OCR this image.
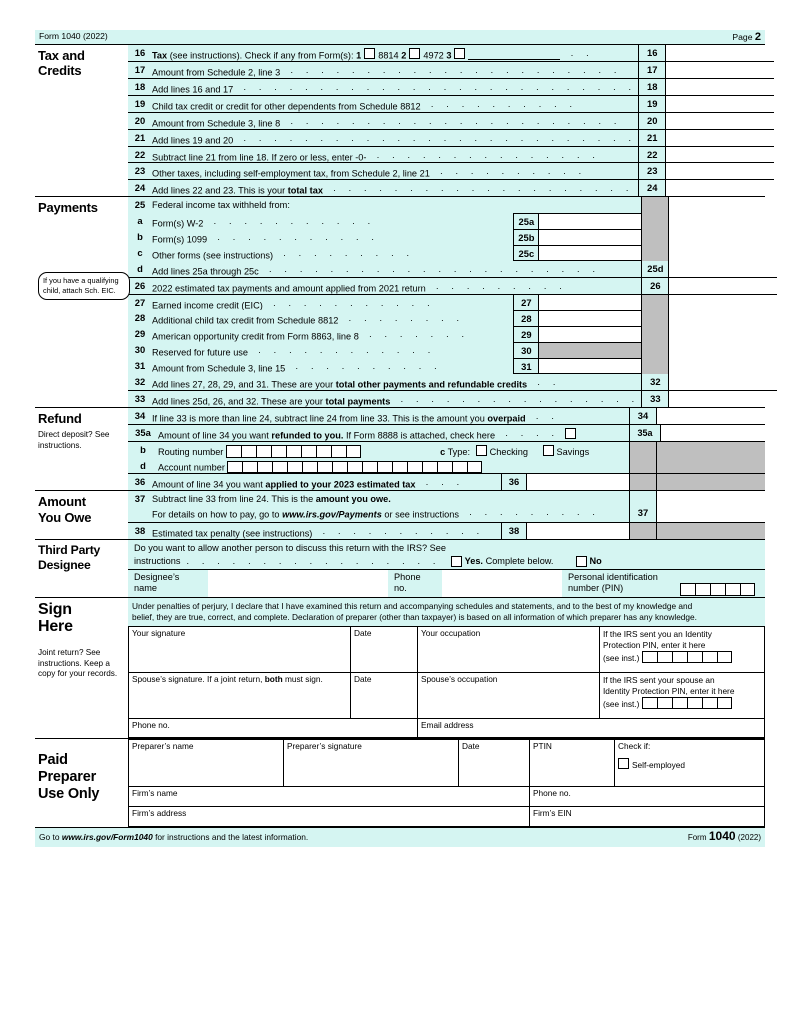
Form 1040 (2022)	Page 2
Tax and
Credits
16 Tax (see instructions). Check if any from Form(s): 1 8814 2 4972 3	. .	16
17 Amount from Schedule 2, line 3  . . . . . . . . . . . . . . . . . . . . . .	17
18 Add lines 16 and 17  . . . . . . . . . . . . . . . . . . . . . . . . . .	18
19 Child tax credit or credit for other dependents from Schedule 8812  . . . . . . . . . .	19
20 Amount from Schedule 3, line 8  . . . . . . . . . . . . . . . . . . . . . .	20
21 Add lines 19 and 20  . . . . . . . . . . . . . . . . . . . . . . . . . .	21
22 Subtract line 21 from line 18. If zero or less, enter -0-  . . . . . . . . . . . . . . .	22
23 Other taxes, including self-employment tax, from Schedule 2, line 21  . . . . . . . . . .	23
24 Add lines 22 and 23. This is your total tax  . . . . . . . . . . . . . . . . . . . .	24
Payments
If you have a qualifying child, attach Sch. EIC.
25 Federal income tax withheld from:
a	Form(s) W-2  . . . . . . . . . . .	25a
b Form(s) 1099  . . . . . . . . . . .	25b
c	Other forms (see instructions)  . . . . . . . . .	25c
d Add lines 25a through 25c  . . . . . . . . . . . . . . . . . . . . . .	25d
26 2022 estimated tax payments and amount applied from 2021 return  . . . . . . . . .	26
27 Earned income credit (EIC)  . . . . . . . . . . .	27
28 Additional child tax credit from Schedule 8812  . . . . . . . .	28
29 American opportunity credit from Form 8863, line 8  . . . . . . .	29
30 Reserved for future use  . . . . . . . . . . . .	30
31 Amount from Schedule 3, line 15  . . . . . . . . . .	31
32 Add lines 27, 28, 29, and 31. These are your total other payments and refundable credits  . .	32
33 Add lines 25d, 26, and 32. These are your total payments  . . . . . . . . . . . . . . . .	33
Refund
Direct deposit? See instructions.
34 If line 33 is more than line 24, subtract line 24 from line 33. This is the amount you overpaid  . .	34
35a Amount of line 34 you want refunded to you. If Form 8888 is attached, check here  . . . .	35a
b	Routing number	c Type: Checking	Savings
d	Account number
36 Amount of line 34 you want applied to your 2023 estimated tax  . . .	36
Amount
You Owe
37 Subtract line 33 from line 24. This is the amount you owe.
For details on how to pay, go to www.irs.gov/Payments or see instructions  . . . . . . . . .	37
38 Estimated tax penalty (see instructions)  . . . . . . . . . . .	38
Third Party
Designee
Do you want to allow another person to discuss this return with the IRS? See
instructions . . . . . . . . . . . . . . . . .	Yes.
Complete below.	No
Designee’s
name
Phone
no.
Personal identification
number (PIN)
Sign
Here
Joint return? See instructions. Keep a copy for your records.
Under penalties of perjury, I declare that I have examined this return and accompanying schedules and statements, and to the best of my knowledge and
belief, they are true, correct, and complete. Declaration of preparer (other than taxpayer) is based on all information of which preparer has any knowledge.
Your signature	Date	Your occupation	If the IRS sent you an Identity
Protection PIN, enter it here
(see inst.)

Spouse’s signature. If a joint return, both must sign.	Date	Spouse’s occupation	If the IRS sent your spouse an
Identity Protection PIN, enter it here
(see inst.)

Phone no.		Email address	
Paid
Preparer
Use Only
Preparer’s name	Preparer’s signature	Date	PTIN	Check if:
Self-employed

Firm’s name			Phone no.	
Firm’s address			Firm’s EIN	
Go to www.irs.gov/Form1040 for instructions and the latest information.	Form 1040 (2022)
